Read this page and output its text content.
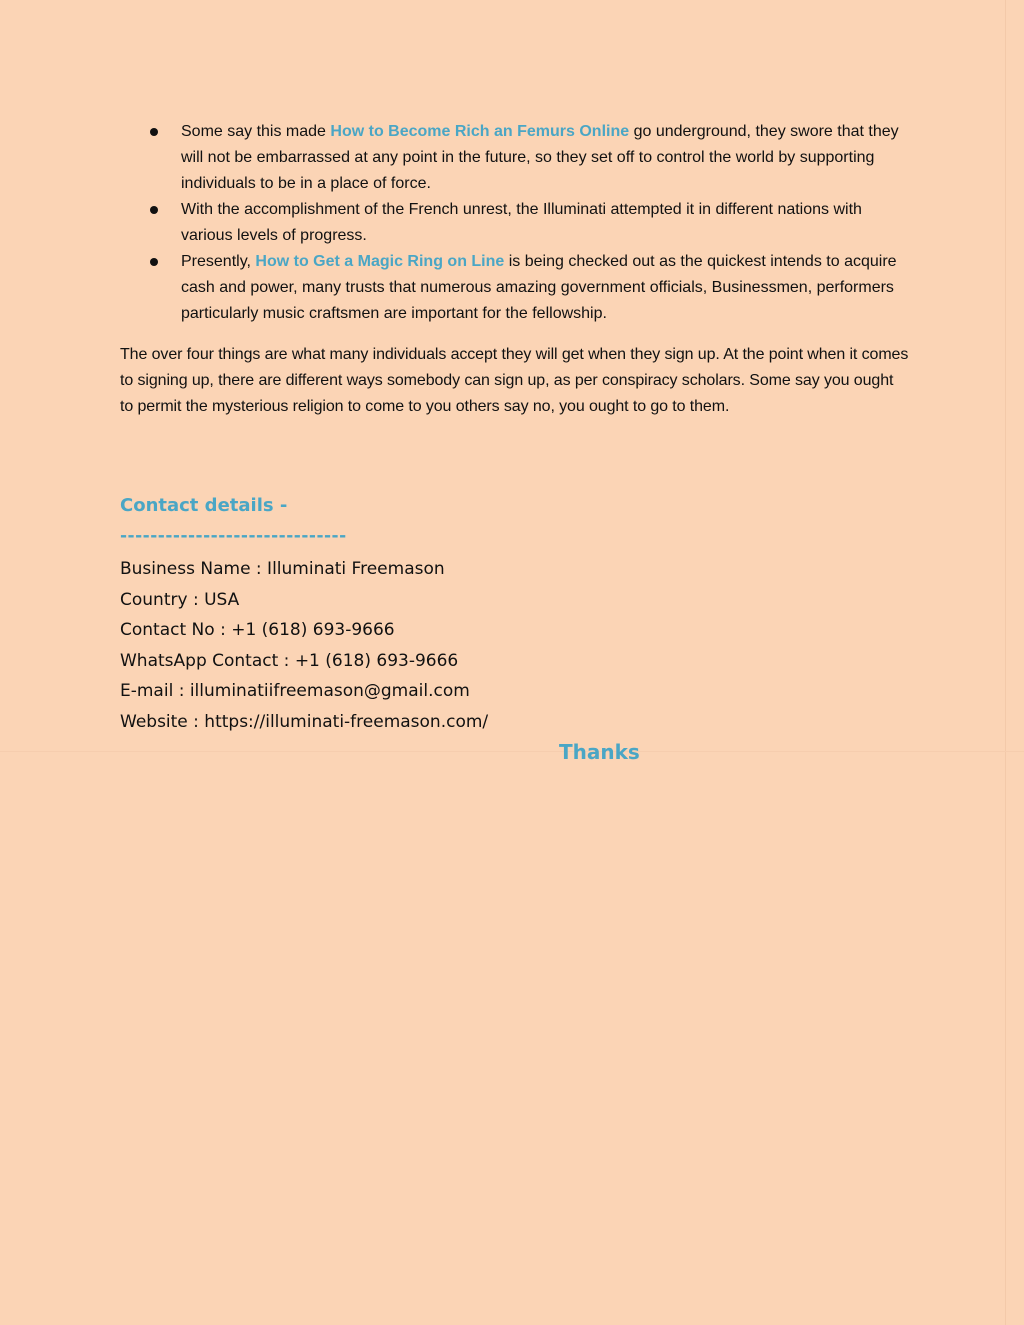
Some say this made How to Become Rich an Femurs Online go underground, they swore that they will not be embarrassed at any point in the future, so they set off to control the world by supporting individuals to be in a place of force.
With the accomplishment of the French unrest, the Illuminati attempted it in different nations with various levels of progress.
Presently, How to Get a Magic Ring on Line is being checked out as the quickest intends to acquire cash and power, many trusts that numerous amazing government officials, Businessmen, performers particularly music craftsmen are important for the fellowship.

The over four things are what many individuals accept they will get when they sign up. At the point when it comes to signing up, there are different ways somebody can sign up, as per conspiracy scholars. Some say you ought to permit the mysterious religion to come to you others say no, you ought to go to them.

Contact details -
------------------------------
Business Name : Illuminati Freemason
Country : USA
Contact No : +1 (618) 693-9666
WhatsApp Contact : +1 (618) 693-9666
E-mail : illuminatiifreemason@gmail.com
Website : https://illuminati-freemason.com/
Thanks
